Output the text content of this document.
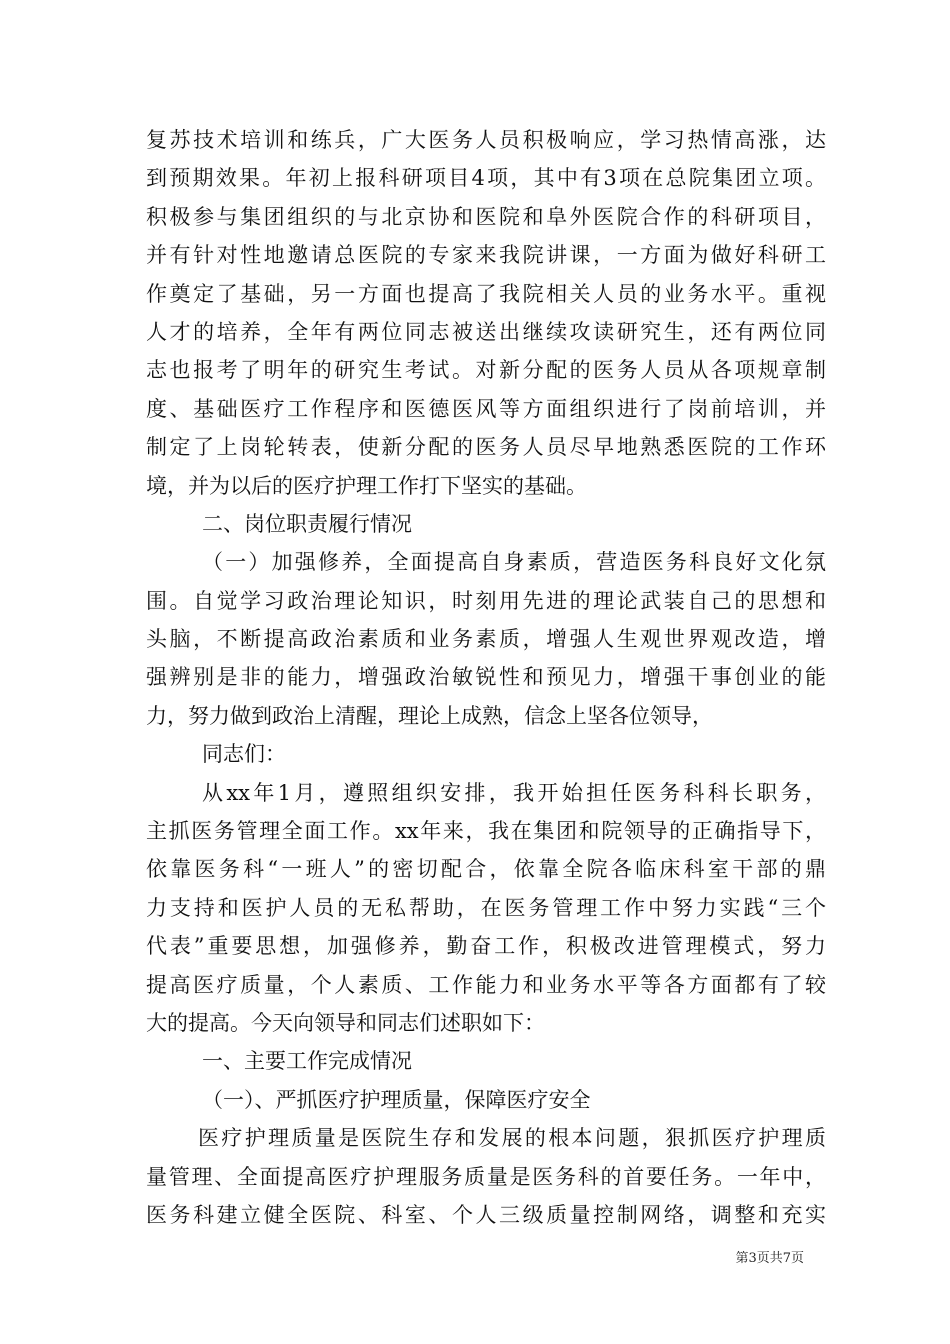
复苏技术培训和练兵，广大医务人员积极响应，学习热情高涨，达
到预期效果。年初上报科研项目4项，其中有3项在总院集团立项。
积极参与集团组织的与北京协和医院和阜外医院合作的科研项目，
并有针对性地邀请总医院的专家来我院讲课，一方面为做好科研工
作奠定了基础，另一方面也提高了我院相关人员的业务水平。重视
人才的培养，全年有两位同志被送出继续攻读研究生，还有两位同
志也报考了明年的研究生考试。对新分配的医务人员从各项规章制
度、基础医疗工作程序和医德医风等方面组织进行了岗前培训，并
制定了上岗轮转表，使新分配的医务人员尽早地熟悉医院的工作环
境，并为以后的医疗护理工作打下坚实的基础。
二、岗位职责履行情况
（一）加强修养，全面提高自身素质，营造医务科良好文化氛
围。自觉学习政治理论知识，时刻用先进的理论武装自己的思想和
头脑，不断提高政治素质和业务素质，增强人生观世界观改造，增
强辨别是非的能力，增强政治敏锐性和预见力，增强干事创业的能
力，努力做到政治上清醒，理论上成熟，信念上坚各位领导，
同志们：
从xx年1月，遵照组织安排，我开始担任医务科科长职务，
主抓医务管理全面工作。xx年来，我在集团和院领导的正确指导下，
依靠医务科“一班人”的密切配合，依靠全院各临床科室干部的鼎
力支持和医护人员的无私帮助，在医务管理工作中努力实践“三个
代表”重要思想，加强修养，勤奋工作，积极改进管理模式，努力
提高医疗质量，个人素质、工作能力和业务水平等各方面都有了较
大的提高。今天向领导和同志们述职如下：
一、主要工作完成情况
（一）、严抓医疗护理质量，保障医疗安全
医疗护理质量是医院生存和发展的根本问题，狠抓医疗护理质
量管理、全面提高医疗护理服务质量是医务科的首要任务。一年中，
医务科建立健全医院、科室、个人三级质量控制网络，调整和充实
第3页共7页
